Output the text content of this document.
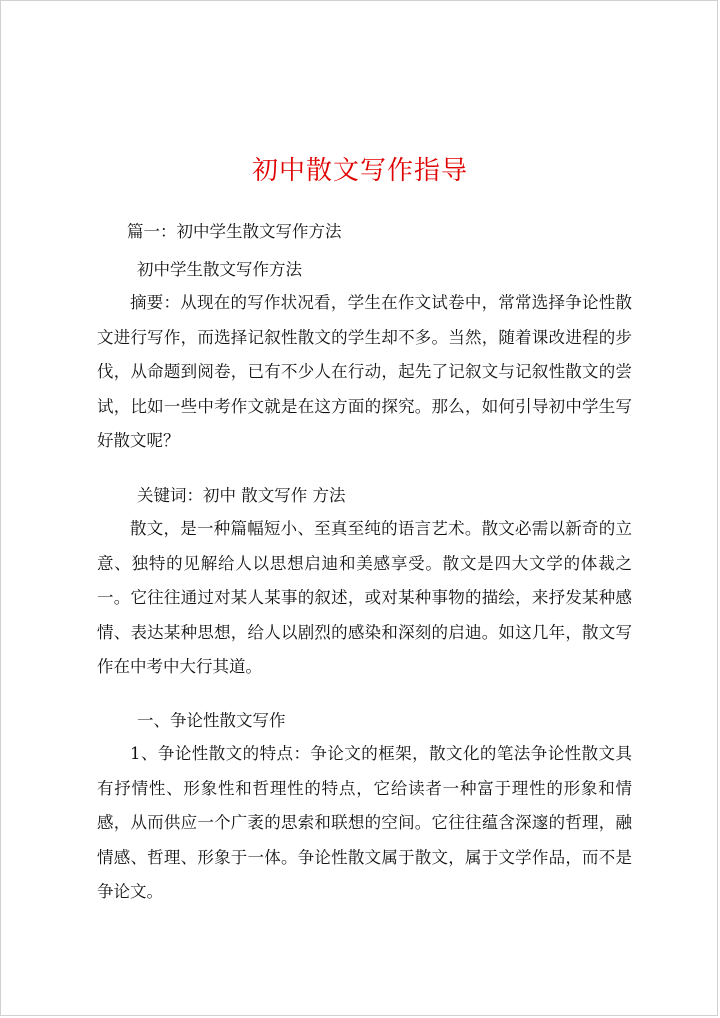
初中散文写作指导
篇一：初中学生散文写作方法
初中学生散文写作方法

摘要：从现在的写作状况看，学生在作文试卷中，常常选择争论性散文进行写作，而选择记叙性散文的学生却不多。当然，随着课改进程的步伐，从命题到阅卷，已有不少人在行动，起先了记叙文与记叙性散文的尝试，比如一些中考作文就是在这方面的探究。那么，如何引导初中学生写好散文呢？

关键词：初中 散文写作 方法

散文，是一种篇幅短小、至真至纯的语言艺术。散文必需以新奇的立意、独特的见解给人以思想启迪和美感享受。散文是四大文学的体裁之一。它往往通过对某人某事的叙述，或对某种事物的描绘，来抒发某种感情、表达某种思想，给人以剧烈的感染和深刻的启迪。如这几年，散文写作在中考中大行其道。

一、争论性散文写作

1、争论性散文的特点：争论文的框架，散文化的笔法争论性散文具有抒情性、形象性和哲理性的特点，它给读者一种富于理性的形象和情感，从而供应一个广袤的思索和联想的空间。它往往蕴含深邃的哲理，融情感、哲理、形象于一体。争论性散文属于散文，属于文学作品，而不是争论文。
